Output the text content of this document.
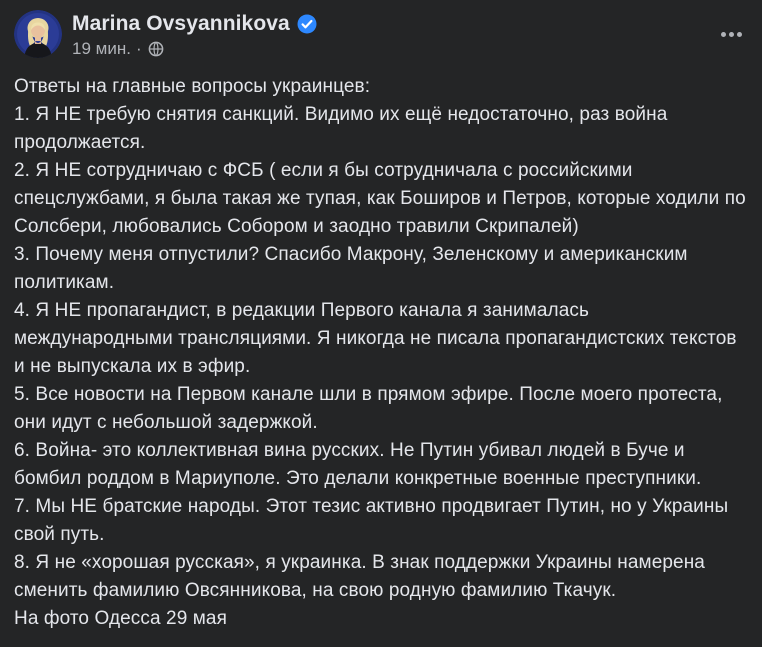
Marina Ovsyannikova
19 мин. ·
Ответы на главные вопросы украинцев:
1. Я НЕ требую снятия санкций. Видимо их ещё недостаточно, раз война продолжается.
2. Я НЕ сотрудничаю с ФСБ ( если я бы сотрудничала с российскими спецслужбами, я была такая же тупая, как Боширов и Петров, которые ходили по Солсбери, любовались Собором и заодно травили Скрипалей)
3. Почему меня отпустили? Спасибо Макрону, Зеленскому и американским политикам.
4. Я НЕ пропагандист, в редакции Первого канала я занималась международными трансляциями. Я никогда не писала пропагандистских текстов и не выпускала их в эфир.
5. Все новости на Первом канале шли в прямом эфире. После моего протеста, они идут с небольшой задержкой.
6. Война- это коллективная вина русских. Не Путин убивал людей в Буче и бомбил роддом в Мариуполе. Это делали конкретные военные преступники.
7. Мы НЕ братские народы. Этот тезис активно продвигает Путин, но у Украины свой путь.
8. Я не «хорошая русская», я украинка. В знак поддержки Украины намерена сменить фамилию Овсянникова, на свою родную фамилию Ткачук.
На фото Одесса 29 мая
